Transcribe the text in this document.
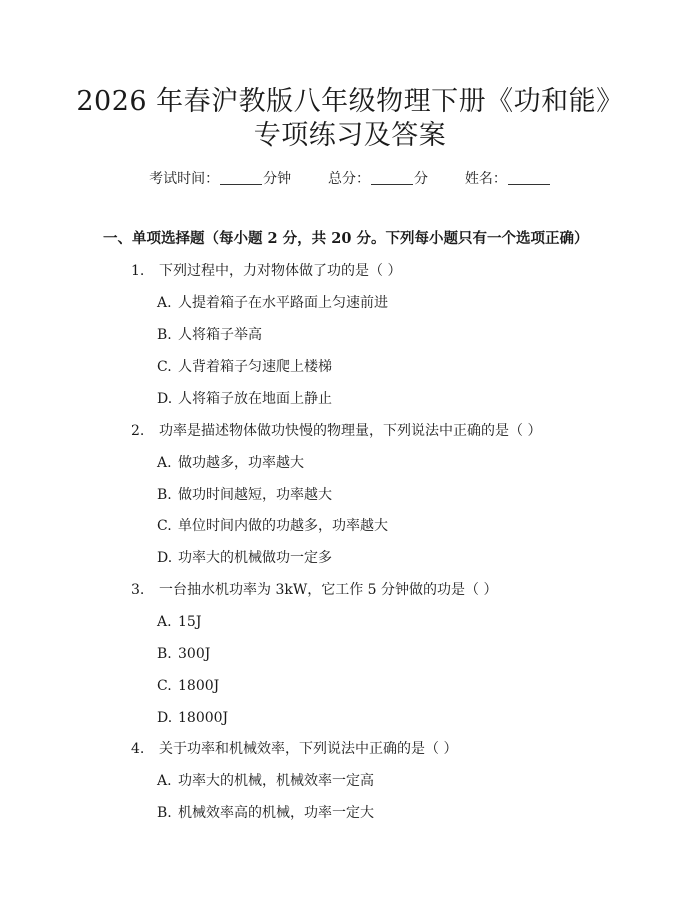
2026 年春沪教版八年级物理下册《功和能》
专项练习及答案
考试时间：	分钟	总分：	分	姓名：
一、单项选择题（每小题 2 分，共 20 分。下列每小题只有一个选项正确）
1. 下列过程中，力对物体做了功的是（ ）
A. 人提着箱子在水平路面上匀速前进
B. 人将箱子举高
C. 人背着箱子匀速爬上楼梯
D. 人将箱子放在地面上静止
2. 功率是描述物体做功快慢的物理量，下列说法中正确的是（ ）
A. 做功越多，功率越大
B. 做功时间越短，功率越大
C. 单位时间内做的功越多，功率越大
D. 功率大的机械做功一定多
3. 一台抽水机功率为 3kW，它工作 5 分钟做的功是（ ）
A. 15J
B. 300J
C. 1800J
D. 18000J
4. 关于功率和机械效率，下列说法中正确的是（ ）
A. 功率大的机械，机械效率一定高
B. 机械效率高的机械，功率一定大
